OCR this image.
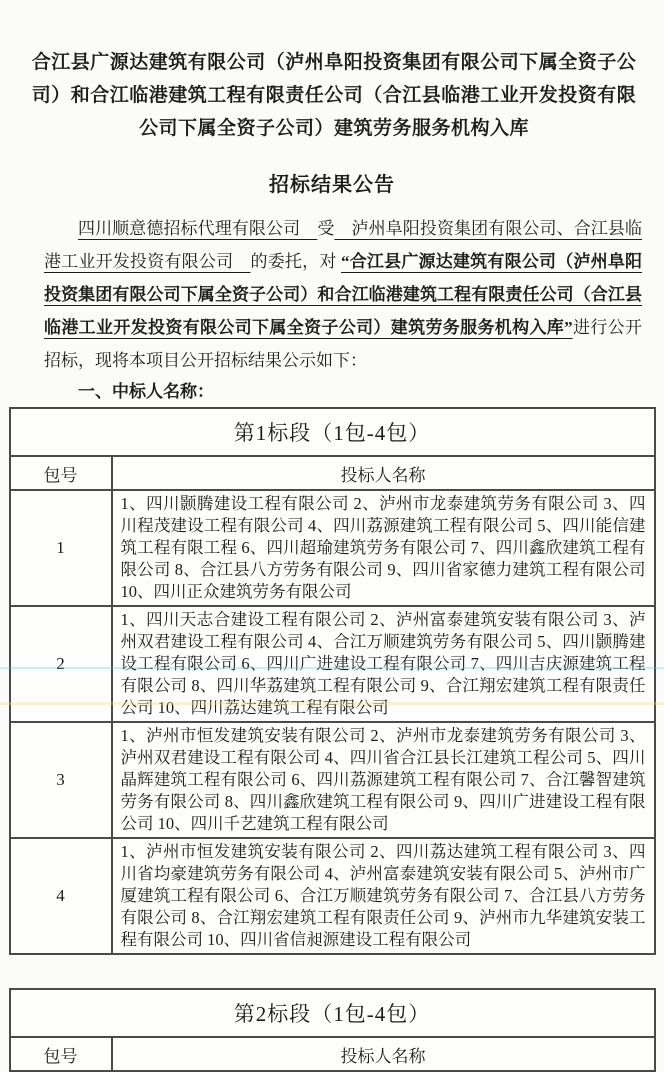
合江县广源达建筑有限公司（泸州阜阳投资集团有限公司下属全资子公司）和合江临港建筑工程有限责任公司（合江县临港工业开发投资有限公司下属全资子公司）建筑劳务服务机构入库
招标结果公告

四川顺意德招标代理有限公司　受　泸州阜阳投资集团有限公司、合江县临港工业开发投资有限公司　的委托，对 “合江县广源达建筑有限公司（泸州阜阳投资集团有限公司下属全资子公司）和合江临港建筑工程有限责任公司（合江县临港工业开发投资有限公司下属全资子公司）建筑劳务服务机构入库”进行公开招标，现将本项目公开招标结果公示如下：

一、中标人名称：
第1标段（1包-4包）	
包号	投标人名称
1	1、四川颢腾建设工程有限公司 2、泸州市龙泰建筑劳务有限公司 3、四川程茂建设工程有限公司 4、四川荔源建筑工程有限公司 5、四川能信建筑工程有限工程 6、四川超瑜建筑劳务有限公司 7、四川鑫欣建筑工程有限公司 8、合江县八方劳务有限公司 9、四川省家德力建筑工程有限公司 10、四川正众建筑劳务有限公司
2	1、四川天志合建设工程有限公司 2、泸州富泰建筑安装有限公司 3、泸州双君建设工程有限公司 4、合江万顺建筑劳务有限公司 5、四川颢腾建设工程有限公司 6、四川广进建设工程有限公司 7、四川吉庆源建筑工程有限公司 8、四川华荔建筑工程有限公司 9、合江翔宏建筑工程有限责任公司 10、四川荔达建筑工程有限公司
3	1、泸州市恒发建筑安装有限公司 2、泸州市龙泰建筑劳务有限公司 3、泸州双君建设工程有限公司 4、四川省合江县长江建筑工程公司 5、四川晶辉建筑工程有限公司 6、四川荔源建筑工程有限公司 7、合江馨智建筑劳务有限公司 8、四川鑫欣建筑工程有限公司 9、四川广进建设工程有限公司 10、四川千艺建筑工程有限公司
4	1、泸州市恒发建筑安装有限公司 2、四川荔达建筑工程有限公司 3、四川省均豪建筑劳务有限公司 4、泸州富泰建筑安装有限公司 5、泸州市广厦建筑工程有限公司 6、合江万顺建筑劳务有限公司 7、合江县八方劳务有限公司 8、合江翔宏建筑工程有限责任公司 9、泸州市九华建筑安装工程有限公司 10、四川省信昶源建设工程有限公司
第2标段（1包-4包）
包号	投标人名称
